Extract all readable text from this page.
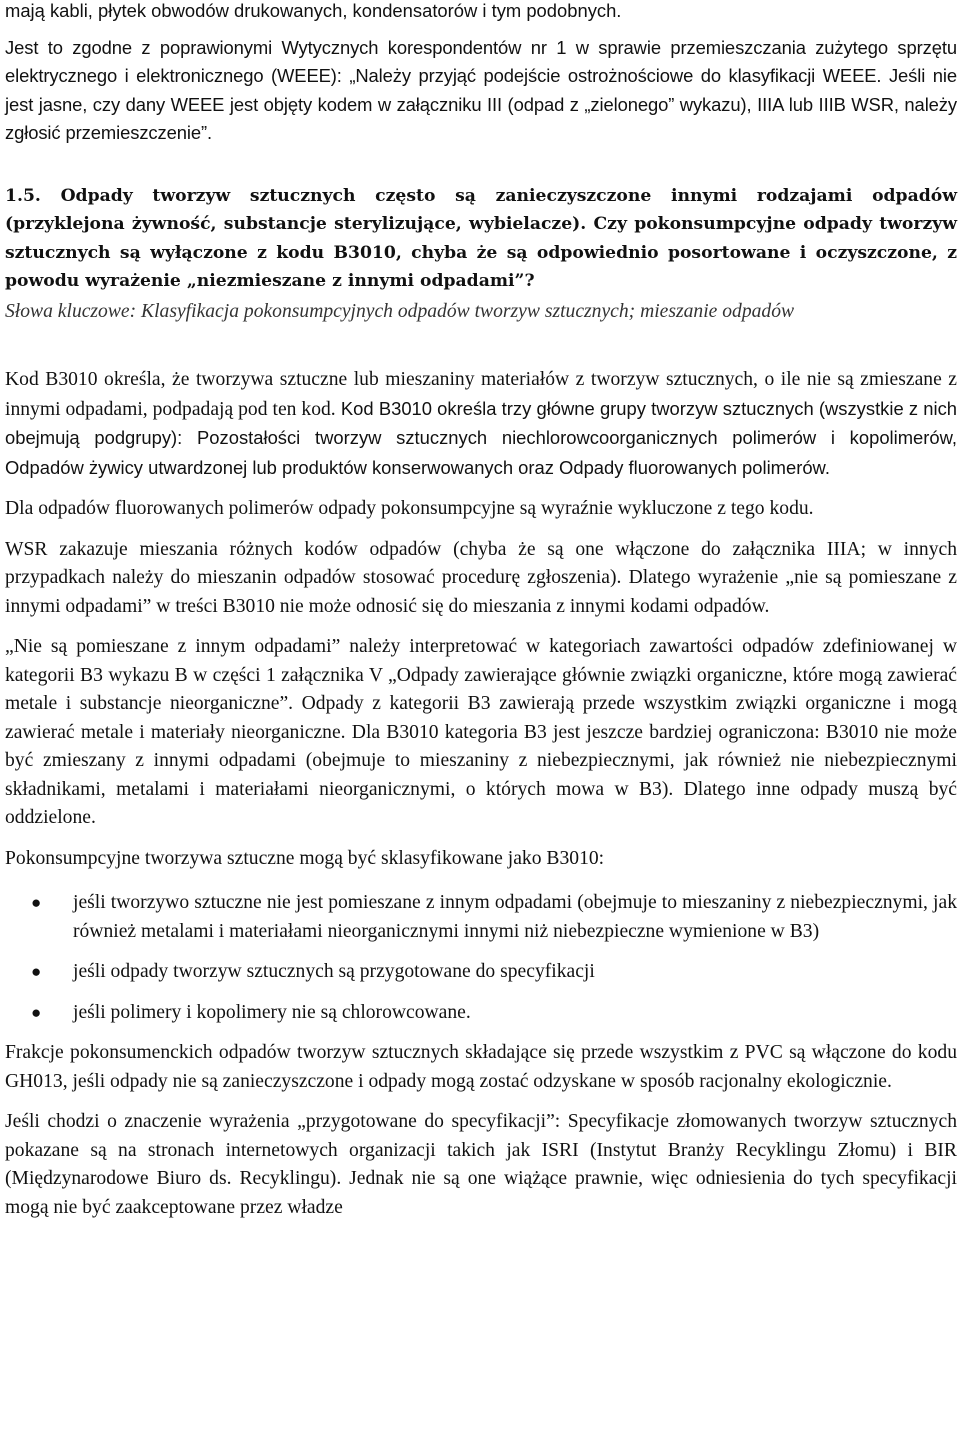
mają kabli, płytek obwodów drukowanych, kondensatorów i tym podobnych.

Jest to zgodne z poprawionymi Wytycznych korespondentów nr 1 w sprawie przemieszczania zużytego sprzętu elektrycznego i elektronicznego (WEEE): „Należy przyjąć podejście ostrożnościowe do klasyfikacji WEEE. Jeśli nie jest jasne, czy dany WEEE jest objęty kodem w załączniku III (odpad z „zielonego” wykazu), IIIA lub IIIB WSR, należy zgłosić przemieszczenie”.

1.5. Odpady tworzyw sztucznych często są zanieczyszczone innymi rodzajami odpadów (przyklejona żywność, substancje sterylizujące, wybielacze). Czy pokonsumpcyjne odpady tworzyw sztucznych są wyłączone z kodu B3010, chyba że są odpowiednio posortowane i oczyszczone, z powodu wyrażenie „niezmieszane z innymi odpadami”?

Słowa kluczowe: Klasyfikacja pokonsumpcyjnych odpadów tworzyw sztucznych; mieszanie odpadów

Kod B3010 określa, że tworzywa sztuczne lub mieszaniny materiałów z tworzyw sztucznych, o ile nie są zmieszane z innymi odpadami, podpadają pod ten kod. Kod B3010 określa trzy główne grupy tworzyw sztucznych (wszystkie z nich obejmują podgrupy): Pozostałości tworzyw sztucznych niechlorowcoorganicznych polimerów i kopolimerów, Odpadów żywicy utwardzonej lub produktów konserwowanych oraz Odpady fluorowanych polimerów.

Dla odpadów fluorowanych polimerów odpady pokonsumpcyjne są wyraźnie wykluczone z tego kodu.

WSR zakazuje mieszania różnych kodów odpadów (chyba że są one włączone do załącznika IIIA; w innych przypadkach należy do mieszanin odpadów stosować procedurę zgłoszenia). Dlatego wyrażenie „nie są pomieszane z innymi odpadami” w treści B3010 nie może odnosić się do mieszania z innymi kodami odpadów.

„Nie są pomieszane z innym odpadami” należy interpretować w kategoriach zawartości odpadów zdefiniowanej w kategorii B3 wykazu B w części 1 załącznika V „Odpady zawierające głównie związki organiczne, które mogą zawierać metale i substancje nieorganiczne”. Odpady z kategorii B3 zawierają przede wszystkim związki organiczne i mogą zawierać metale i materiały nieorganiczne. Dla B3010 kategoria B3 jest jeszcze bardziej ograniczona: B3010 nie może być zmieszany z innymi odpadami (obejmuje to mieszaniny z niebezpiecznymi, jak również nie niebezpiecznymi składnikami, metalami i materiałami nieorganicznymi, o których mowa w B3). Dlatego inne odpady muszą być oddzielone.

Pokonsumpcyjne tworzywa sztuczne mogą być sklasyfikowane jako B3010:

● jeśli tworzywo sztuczne nie jest pomieszane z innym odpadami (obejmuje to mieszaniny z niebezpiecznymi, jak również metalami i materiałami nieorganicznymi innymi niż niebezpieczne wymienione w B3)
● jeśli odpady tworzyw sztucznych są przygotowane do specyfikacji
● jeśli polimery i kopolimery nie są chlorowcowane.

Frakcje pokonsumenckich odpadów tworzyw sztucznych składające się przede wszystkim z PVC są włączone do kodu GH013, jeśli odpady nie są zanieczyszczone i odpady mogą zostać odzyskane w sposób racjonalny ekologicznie.

Jeśli chodzi o znaczenie wyrażenia „przygotowane do specyfikacji”: Specyfikacje złomowanych tworzyw sztucznych pokazane są na stronach internetowych organizacji takich jak ISRI (Instytut Branży Recyklingu Złomu) i BIR (Międzynarodowe Biuro ds. Recyklingu). Jednak nie są one wiążące prawnie, więc odniesienia do tych specyfikacji mogą nie być zaakceptowane przez władze
